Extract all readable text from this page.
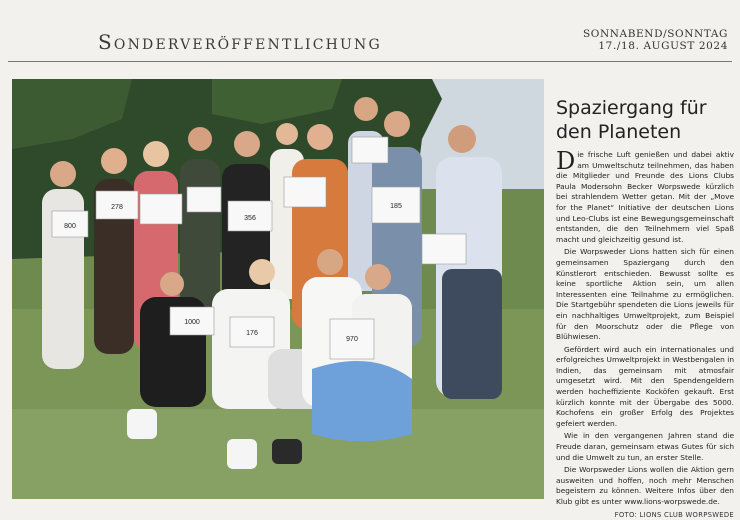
Sonderveröffentlichung	SONNABEND/SONNTAG
17./18. AUGUST 2024
800
278
356
185
1000
176
970
Spaziergang für
den Planeten

Die frische Luft genießen und dabei aktiv am Umweltschutz teilnehmen, das haben die Mitglieder und Freunde des Lions Clubs Paula Modersohn Becker Worpswede kürzlich bei strahlendem Wetter getan. Mit der „Move for the Planet“ Initiative der deutschen Lions und Leo-Clubs ist eine Bewegungsgemeinschaft entstanden, die den Teilnehmern viel Spaß macht und gleichzeitig gesund ist.

Die Worpsweder Lions hatten sich für einen gemeinsamen Spaziergang durch den Künstlerort entschieden. Bewusst sollte es keine sportliche Aktion sein, um allen Interessenten eine Teilnahme zu ermöglichen. Die Startgebühr spendeten die Lions jeweils für ein nachhaltiges Umweltprojekt, zum Beispiel für den Moorschutz oder die Pflege von Blühwiesen.

Gefördert wird auch ein internationales und erfolgreiches Umweltprojekt in Westbengalen in Indien, das gemeinsam mit atmosfair umgesetzt wird. Mit den Spendengeldern werden hocheffiziente Kocköfen gekauft. Erst kürzlich konnte mit der Übergabe des 5000. Kochofens ein großer Erfolg des Projektes gefeiert werden.

Wie in den vergangenen Jahren stand die Freude daran, gemeinsam etwas Gutes für sich und die Umwelt zu tun, an erster Stelle.

Die Worpsweder Lions wollen die Aktion gern ausweiten und hoffen, noch mehr Menschen begeistern zu können. Weitere Infos über den Klub gibt es unter www.lions-worpswede.de.

FOTO: LIONS CLUB WORPSWEDE
